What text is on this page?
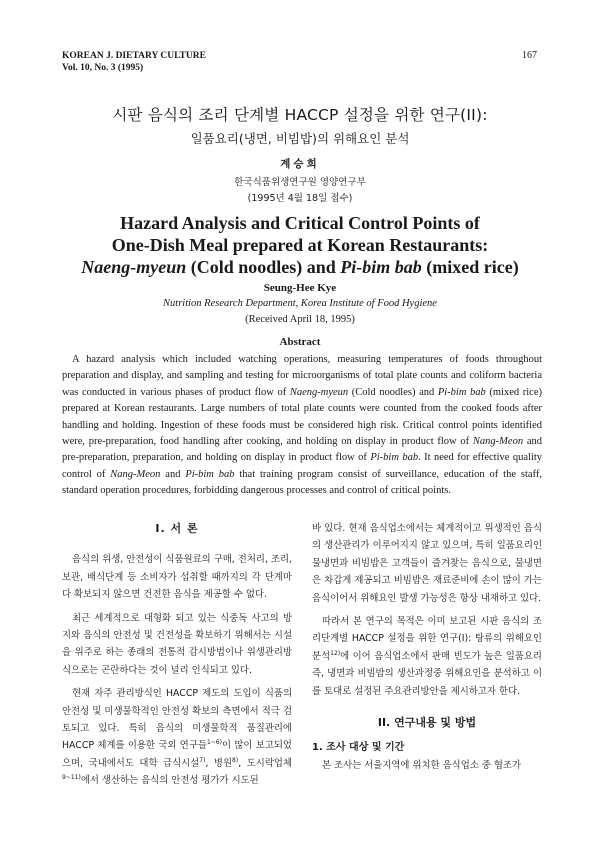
KOREAN J. DIETARY CULTURE
Vol. 10, No. 3 (1995)
167
시판 음식의 조리 단계별 HACCP 설정을 위한 연구(II):
일품요리(냉면, 비빔밥)의 위해요인 분석
계승희
한국식품위생연구원 영양연구부
(1995년 4월 18일 접수)
Hazard Analysis and Critical Control Points of
One-Dish Meal prepared at Korean Restaurants:
Naeng-myeun (Cold noodles) and Pi-bim bab (mixed rice)
Seung-Hee Kye
Nutrition Research Department, Korea Institute of Food Hygiene
(Received April 18, 1995)
Abstract
A hazard analysis which included watching operations, measuring temperatures of foods throughout preparation and display, and sampling and testing for microorganisms of total plate counts and coliform bacteria was conducted in various phases of product flow of Naeng-myeun (Cold noodles) and Pi-bim bab (mixed rice) prepared at Korean restaurants. Large numbers of total plate counts were counted from the cooked foods after handling and holding. Ingestion of these foods must be considered high risk. Critical control points identified were, pre-preparation, food handling after cooking, and holding on display in product flow of Nang-Meon and pre-preparation, preparation, and holding on display in product flow of Pi-bim bab. It need for effective quality control of Nang-Meon and Pi-bim bab that training program consist of surveillance, education of the staff, standard operation procedures, forbidding dangerous processes and control of critical points.
I. 서 론

음식의 위생, 안전성이 식품원료의 구매, 전처리, 조리, 보관, 배식단계 등 소비자가 섭취할 때까지의 각 단계마다 확보되지 않으면 건전한 음식을 제공할 수 없다.

최근 세계적으로 대형화 되고 있는 식중독 사고의 방지와 음식의 안전성 및 건전성을 확보하기 위해서는 시설을 위주로 하는 종래의 전통적 감시방법이나 위생관리방식으로는 곤란하다는 것이 널리 인식되고 있다.

현재 자주 관리방식인 HACCP 제도의 도입이 식품의 안전성 및 미생물학적인 안전성 확보의 측면에서 적극 검토되고 있다. 특히 음식의 미생물학적 품질관리에 HACCP 체계를 이용한 국외 연구들$^{1\sim 6)}$이 많이 보고되었으며, 국내에서도 대학 급식시설$^{7)}$, 병원$^{8)}$, 도시락업체$^{9\sim 11)}$에서 생산하는 음식의 안전성 평가가 시도된

바 있다. 현재 음식업소에서는 체계적이고 위생적인 음식의 생산관리가 이루어지지 않고 있으며, 특히 일품요리인 물냉면과 비빔밥은 고객들이 즐겨찾는 음식으로, 물냉면은 차갑게 제공되고 비빔밥은 재료준비에 손이 많이 가는 음식이어서 위해요인 발생 가능성은 항상 내재하고 있다.

따라서 본 연구의 목적은 이미 보고된 시판 음식의 조리단계별 HACCP 설정을 위한 연구(I): 탕류의 위해요인 분석$^{12)}$에 이어 음식업소에서 판매 빈도가 높은 일품요리 즉, 냉면과 비빔밥의 생산과정중 위해요인을 분석하고 이를 토대로 설정된 주요관리방안을 제시하고자 한다.

II. 연구내용 및 방법
1. 조사 대상 및 기간

본 조사는 서울지역에 위치한 음식업소 중 협조가
